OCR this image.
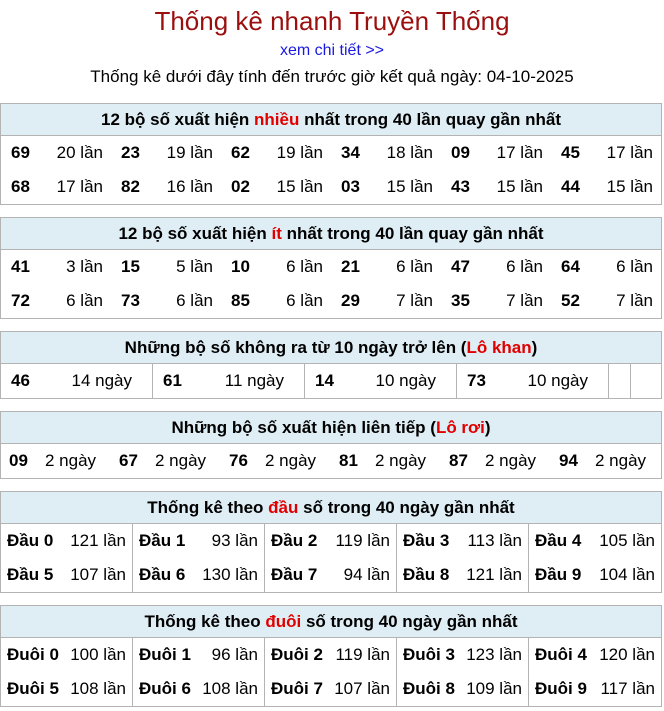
Thống kê nhanh Truyền Thống
xem chi tiết >>
Thống kê dưới đây tính đến trước giờ kết quả ngày: 04-10-2025
12 bộ số xuất hiện nhiều nhất trong 40 lần quay gần nhất
69	20 lần	23	19 lần	62	19 lần	34	18 lần	09	17 lần	45	17 lần
68	17 lần	82	16 lần	02	15 lần	03	15 lần	43	15 lần	44	15 lần
12 bộ số xuất hiện ít nhất trong 40 lần quay gần nhất
41	3 lần	15	5 lần	10	6 lần	21	6 lần	47	6 lần	64	6 lần
72	6 lần	73	6 lần	85	6 lần	29	7 lần	35	7 lần	52	7 lần
Những bộ số không ra từ 10 ngày trở lên (Lô khan)
46	14 ngày	61	11 ngày	14	10 ngày	73	10 ngày
Những bộ số xuất hiện liên tiếp (Lô rơi)
09	2 ngày	67	2 ngày	76	2 ngày	81	2 ngày	87	2 ngày	94	2 ngày
Thống kê theo đầu số trong 40 ngày gần nhất
Đầu 0 121 lần Đầu 1	93 lần Đầu 2	119 lần Đầu 3	113 lần Đầu 4	105 lần
Đầu 5 107 lần Đầu 6 130 lần Đầu 7	94 lần Đầu 8 121 lần Đầu 9	104 lần
Thống kê theo đuôi số trong 40 ngày gần nhất
Đuôi 0 100 lần Đuôi 1	96 lần Đuôi 2 119 lần Đuôi 3 123 lần Đuôi 4 120 lần
Đuôi 5 108 lần Đuôi 6 108 lần Đuôi 7 107 lần Đuôi 8 109 lần Đuôi 9 117 lần
